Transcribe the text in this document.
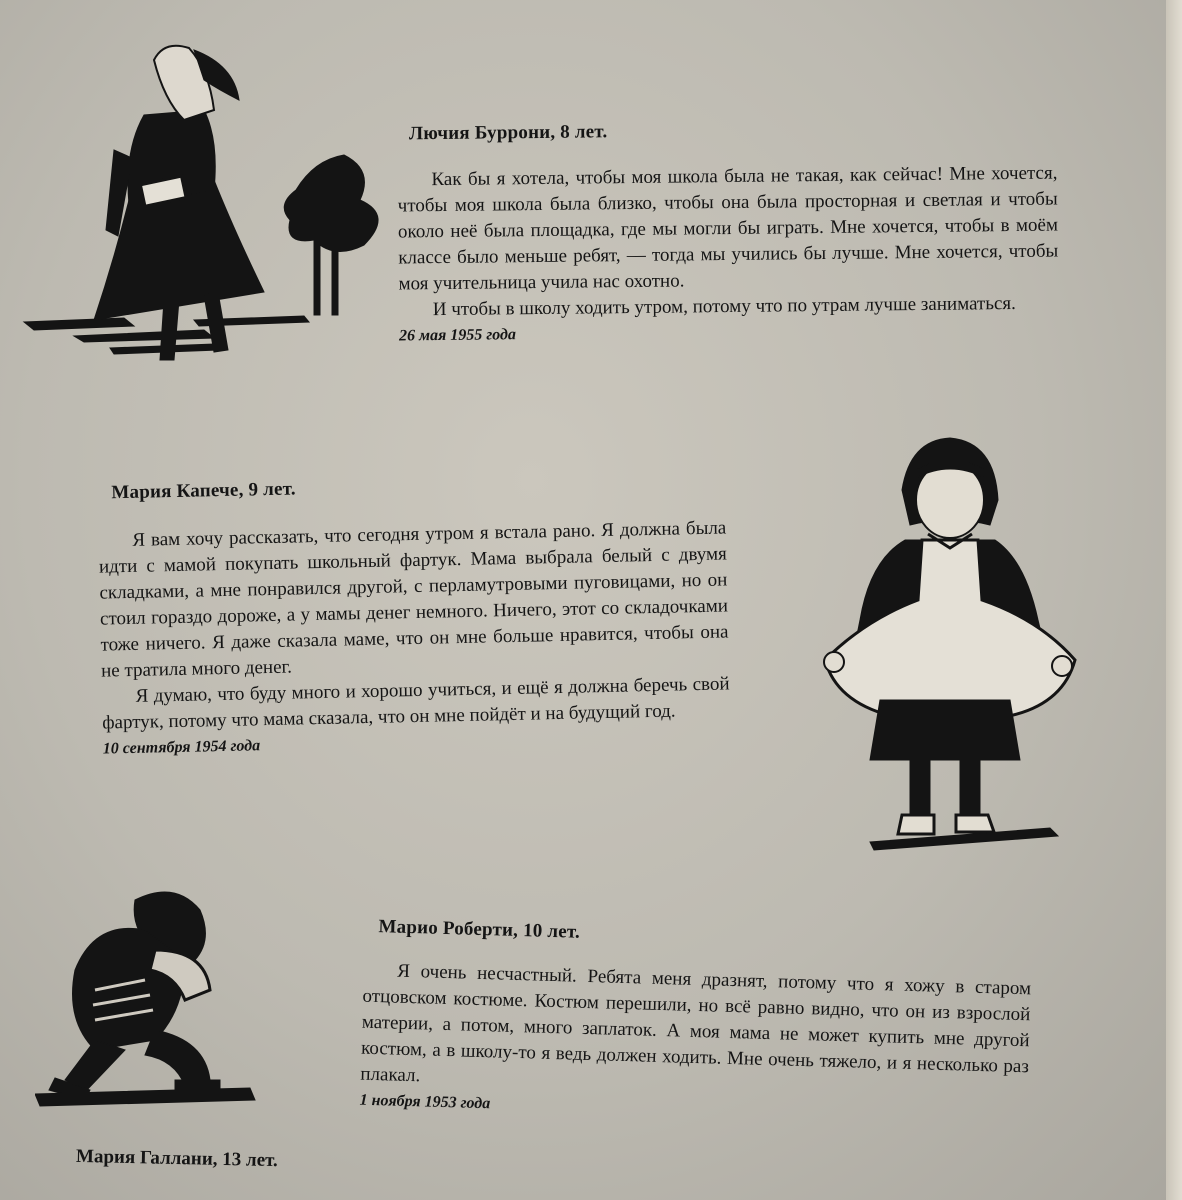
Лючия Буррони, 8 лет.

Как бы я хотела, чтобы моя школа была не такая, как сейчас! Мне хочется, чтобы моя школа была близко, чтобы она была просторная и светлая и чтобы около неё была площадка, где мы могли бы играть. Мне хочется, чтобы в моём классе было меньше ребят, — тогда мы учились бы лучше. Мне хочется, чтобы моя учительница учила нас охотно.

И чтобы в школу ходить утром, потому что по утрам лучше заниматься.

26 мая 1955 года
Мария Капече, 9 лет.

Я вам хочу рассказать, что сегодня утром я встала рано. Я должна была идти с мамой покупать школьный фартук. Мама выбрала белый с двумя складками, а мне понравился другой, с перламутровыми пуговицами, но он стоил гораздо дороже, а у мамы денег немного. Ничего, этот со складочками тоже ничего. Я даже сказала маме, что он мне больше нравится, чтобы она не тратила много денег.

Я думаю, что буду много и хорошо учиться, и ещё я должна беречь свой фартук, потому что мама сказала, что он мне пойдёт и на будущий год.

10 сентября 1954 года
Марио Роберти, 10 лет.

Я очень несчастный. Ребята меня дразнят, потому что я хожу в старом отцовском костюме. Костюм перешили, но всё равно видно, что он из взрослой материи, а потом, много заплаток. А моя мама не может купить мне другой костюм, а в школу-то я ведь должен ходить. Мне очень тяжело, и я несколько раз плакал.

1 ноября 1953 года
Мария Галлани, 13 лет.
